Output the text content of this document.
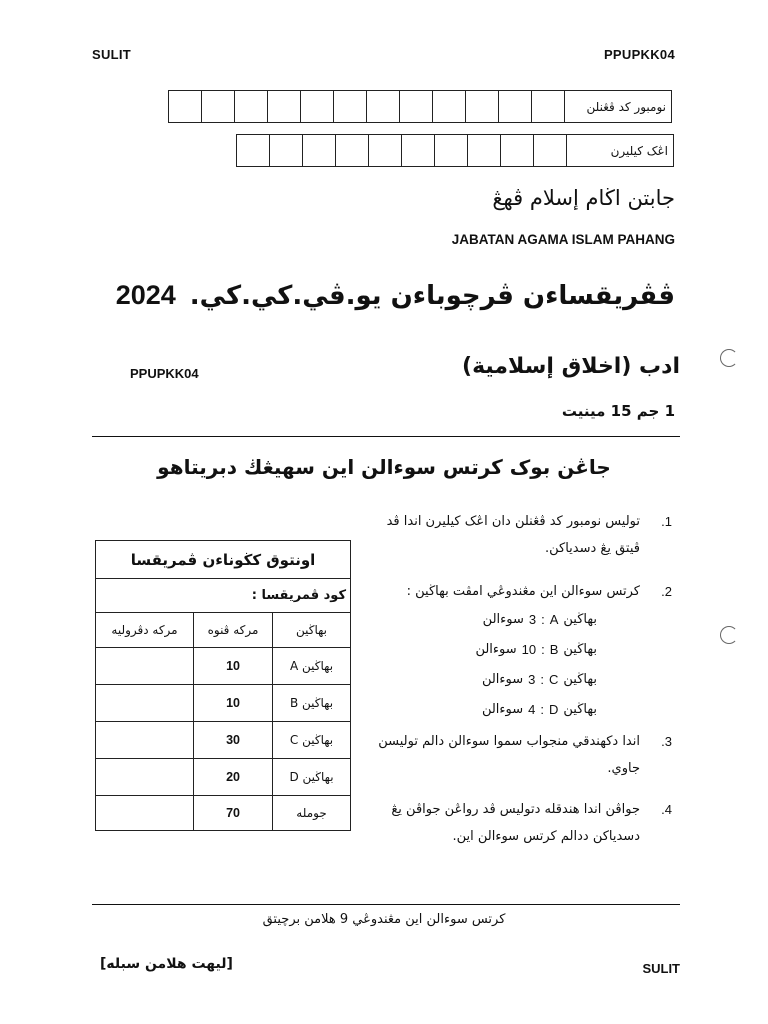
SULIT	PPUPKK04
												نومبور کد ڤڠنلن
										اڠک کيليرن
جابتن اڬام إسلام ڤهڠ
JABATAN AGAMA ISLAM PAHANG
ڤڤريقساءن ڤرچوباءن يو.ڤي.کي.کي.
2024
PPUPKK04	ادب (اخلاق إسلامية)
1 جم 15 مينيت
جاڠن بوک کرتس سوءالن اين سهيڠڬ دبريتاهو
1.
توليس نومبور کد ڤڠنلن دان اڠک کيليرن اندا ڤد
ڤيتق يڠ دسدياکن.
2.
کرتس سوءالن اين مڠندوڠي امڤت بهاڬين :
بهاڬين
A
:
3
سوءالن
بهاڬين
B
:
10
سوءالن
بهاڬين
C
:
3
سوءالن
بهاڬين
D
:
4
سوءالن
3.
اندا دکهندقي منجواب سموا سوءالن دالم توليسن
جاوي.
4.
جواڤن اندا هندقله دتوليس ڤد رواڠن جواڤن يڠ
دسدياکن ددالم کرتس سوءالن اين.
اونتوق کڬوناءن ڤمريقسا		
کود ڤمريقسا :		
بهاڬين	مرکه ڤنوه	مرکه دڤروليه
بهاڬين A	10	
بهاڬين B	10	
بهاڬين C	30	
بهاڬين D	20	
جومله	70	
کرتس سوءالن اين مڠندوڠي 9 هلامن برچيتق
[ليهت هلامن سبله]	SULIT
